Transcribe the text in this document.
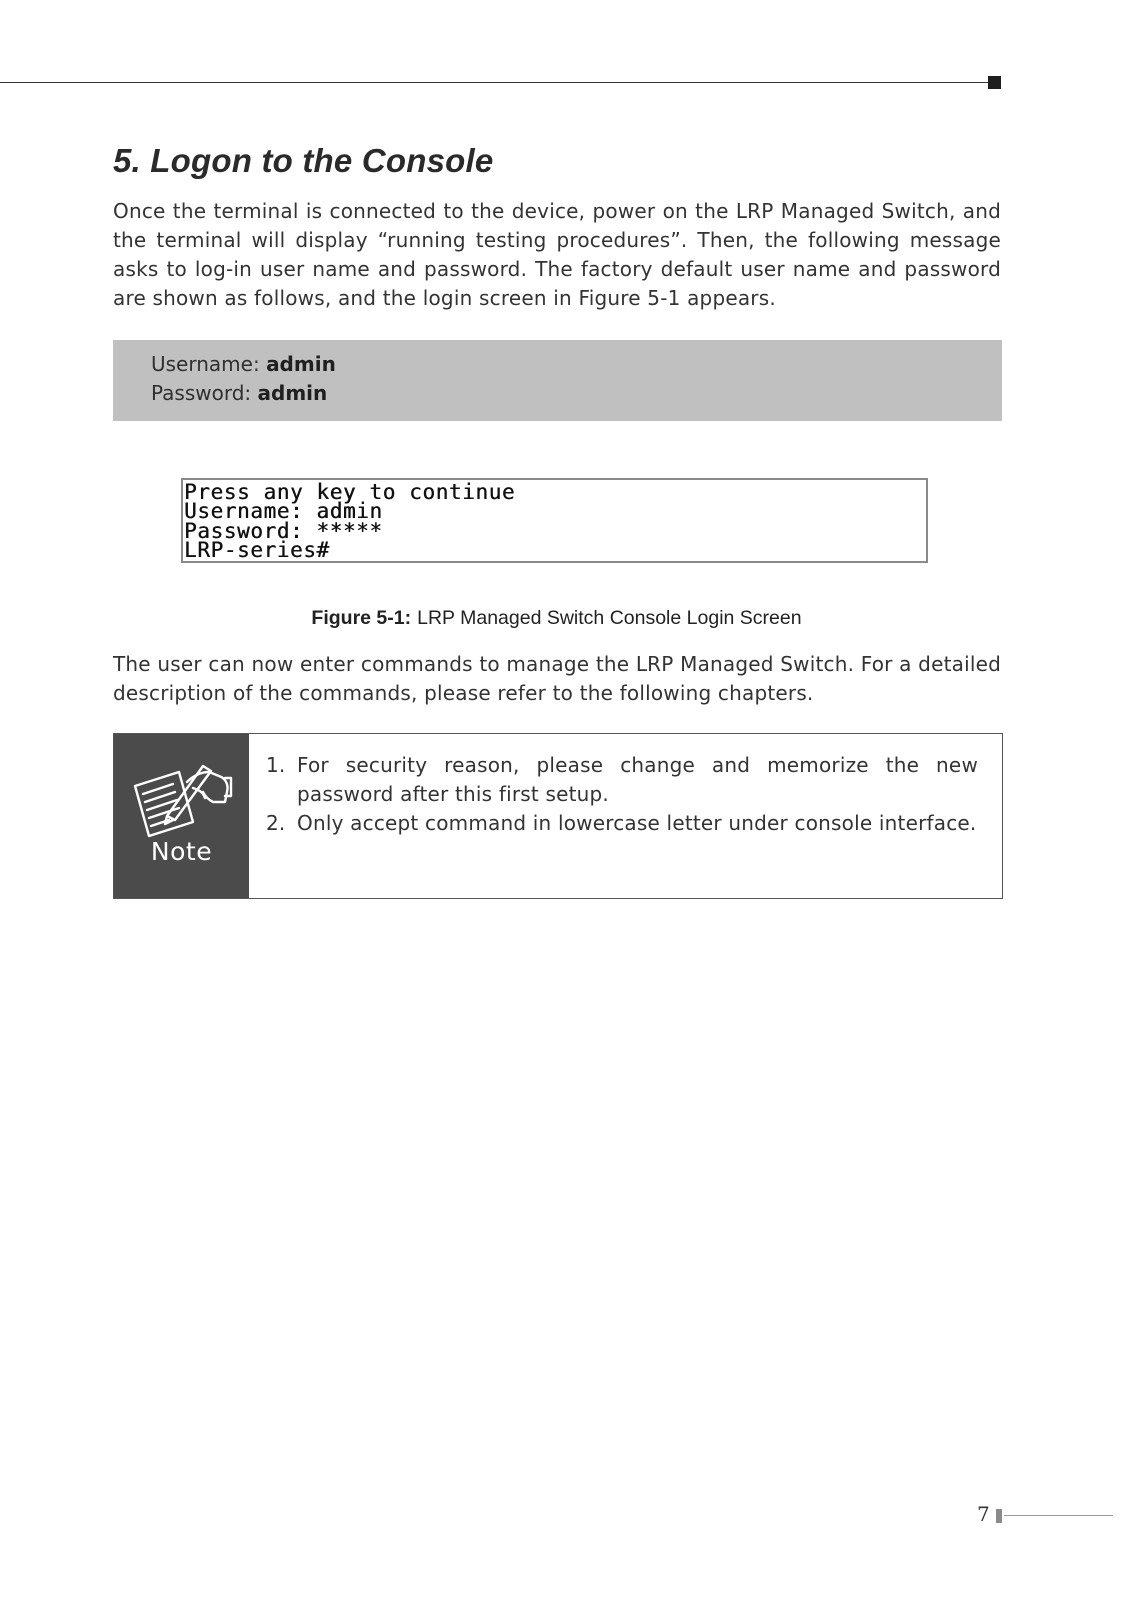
5. Logon to the Console

Once the terminal is connected to the device, power on the LRP Managed Switch, and the terminal will display “running testing procedures”. Then, the following message asks to log-in user name and password. The factory default user name and password are shown as follows, and the login screen in Figure 5-1 appears.

Username: admin
Password: admin
Press any key to continue
Username: admin
Password: *****
LRP-series#
Figure 5-1: LRP Managed Switch Console Login Screen

The user can now enter commands to manage the LRP Managed Switch. For a detailed description of the commands, please refer to the following chapters.

Note
1. For security reason, please change and memorize the new password after this first setup.
2. Only accept command in lowercase letter under console interface.
7
